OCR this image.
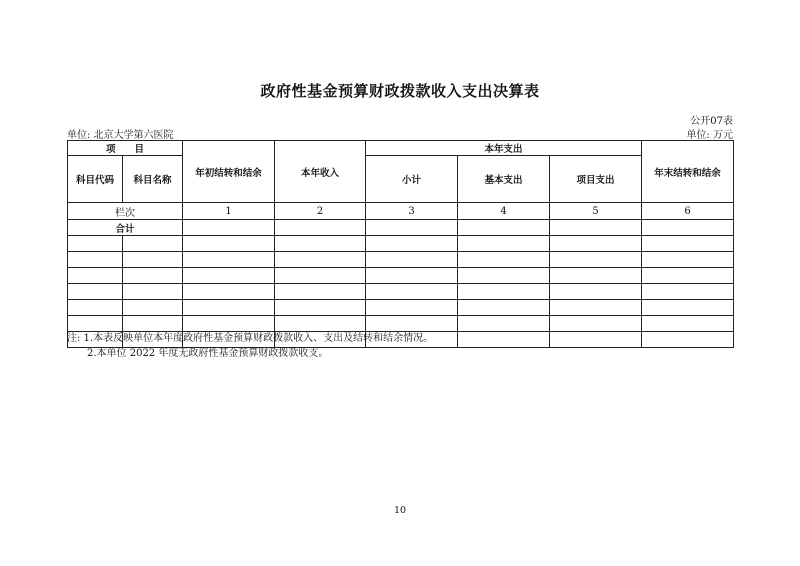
政府性基金预算财政拨款收入支出决算表
公开07表
单位: 北京大学第六医院	单位: 万元
项　　目		年初结转和结余	本年收入	本年支出			年末结转和结余
科目代码	科目名称			小计	基本支出	项目支出	
栏次		1	2	3	4	5	6
合计							

注: 1.本表反映单位本年度政府性基金预算财政拨款收入、支出及结转和结余情况。
2.本单位 2022 年度无政府性基金预算财政拨款收支。
10
